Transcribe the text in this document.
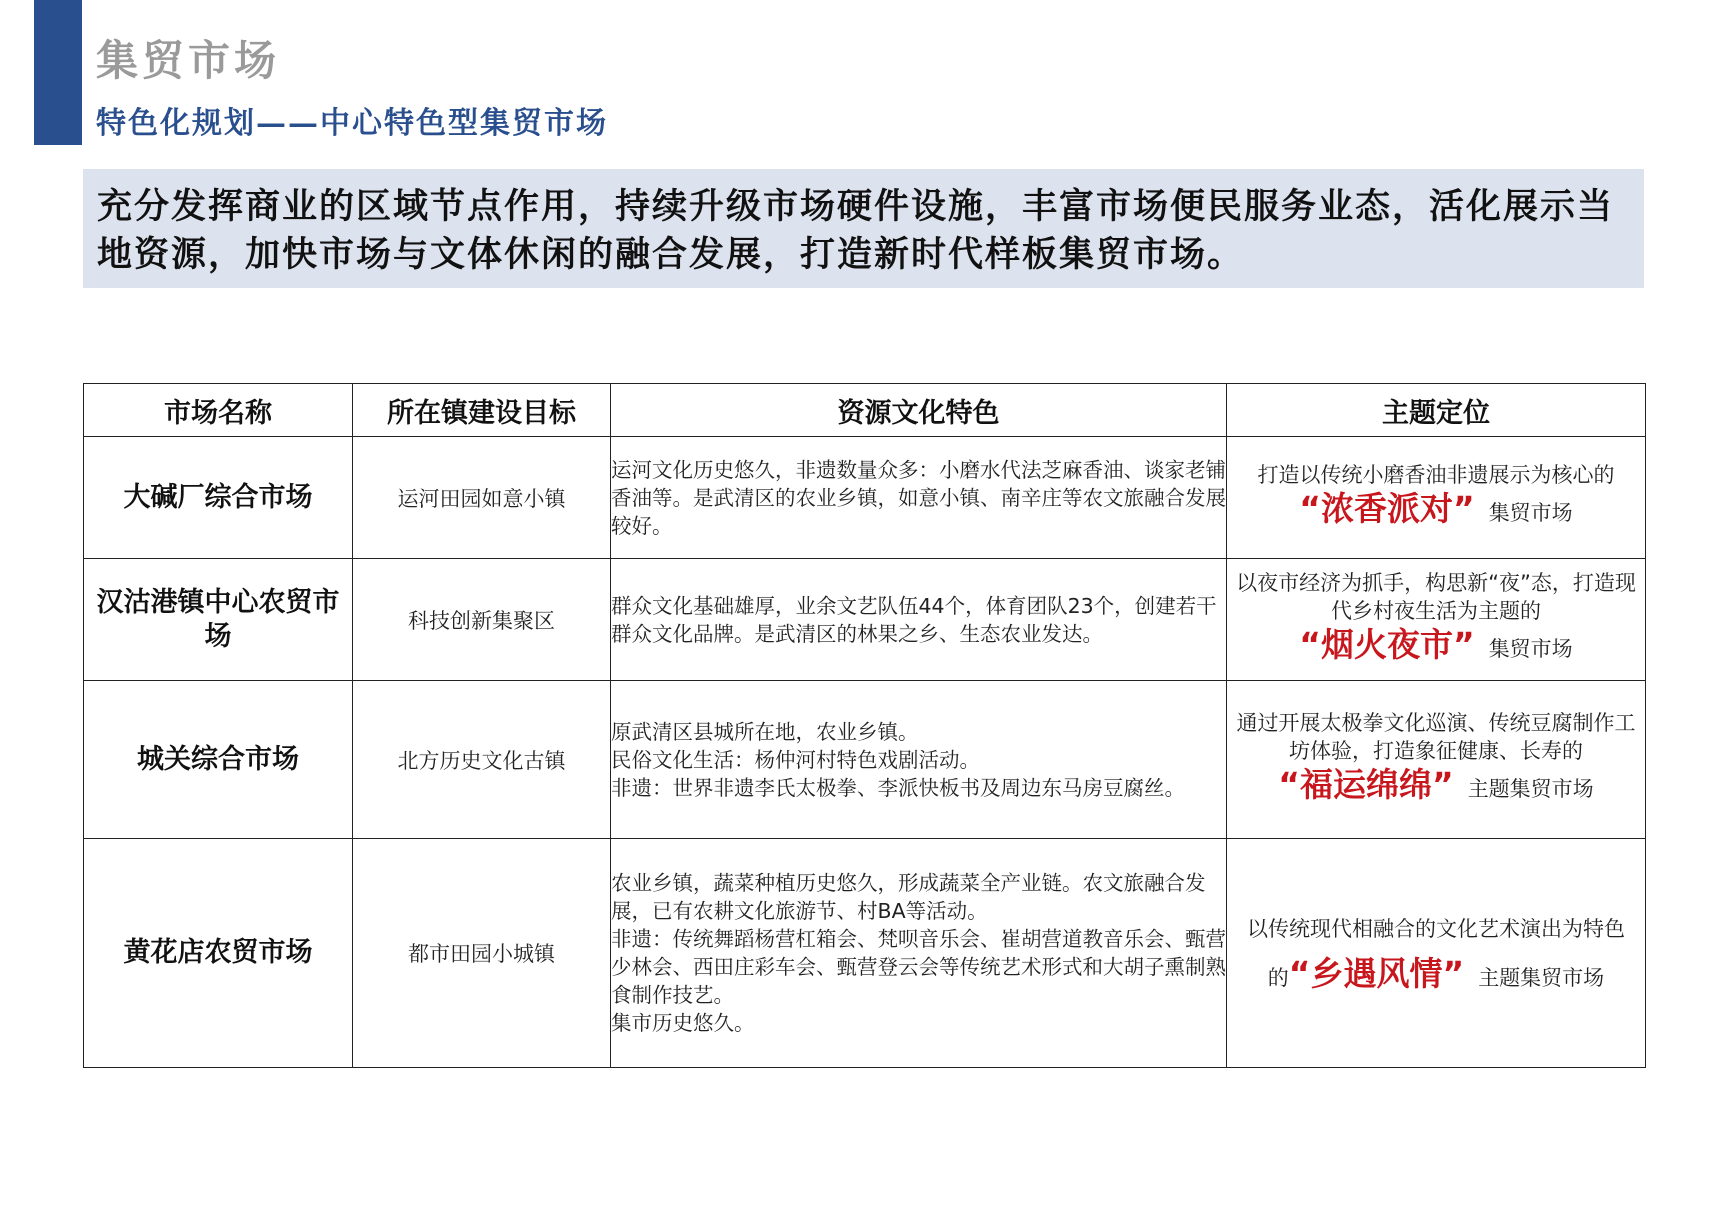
集贸市场
特色化规划——中心特色型集贸市场
充分发挥商业的区域节点作用，持续升级市场硬件设施，丰富市场便民服务业态，活化展示当地资源，加快市场与文体休闲的融合发展，打造新时代样板集贸市场。
市场名称	所在镇建设目标	资源文化特色	主题定位
大碱厂综合市场	运河田园如意小镇	运河文化历史悠久，非遗数量众多：小磨水代法芝麻香油、谈家老铺香油等。是武清区的农业乡镇，如意小镇、南辛庄等农文旅融合发展较好。	打造以传统小磨香油非遗展示为核心的
“浓香派对” 集贸市场

汉沽港镇中心农贸市场	科技创新集聚区	群众文化基础雄厚，业余文艺队伍44个，体育团队23个，创建若干群众文化品牌。是武清区的林果之乡、生态农业发达。	以夜市经济为抓手，构思新“夜”态，打造现代乡村夜生活为主题的
“烟火夜市” 集贸市场

城关综合市场	北方历史文化古镇	原武清区县城所在地，农业乡镇。
民俗文化生活：杨仲河村特色戏剧活动。
非遗：世界非遗李氏太极拳、李派快板书及周边东马房豆腐丝。	通过开展太极拳文化巡演、传统豆腐制作工坊体验，打造象征健康、长寿的
“福运绵绵” 主题集贸市场

黄花店农贸市场	都市田园小城镇	农业乡镇，蔬菜种植历史悠久，形成蔬菜全产业链。农文旅融合发展，已有农耕文化旅游节、村BA等活动。
非遗：传统舞蹈杨营杠箱会、梵呗音乐会、崔胡营道教音乐会、甄营少林会、西田庄彩车会、甄营登云会等传统艺术形式和大胡子熏制熟食制作技艺。
集市历史悠久。	以传统现代相融合的文化艺术演出为特色的“乡遇风情” 主题集贸市场
